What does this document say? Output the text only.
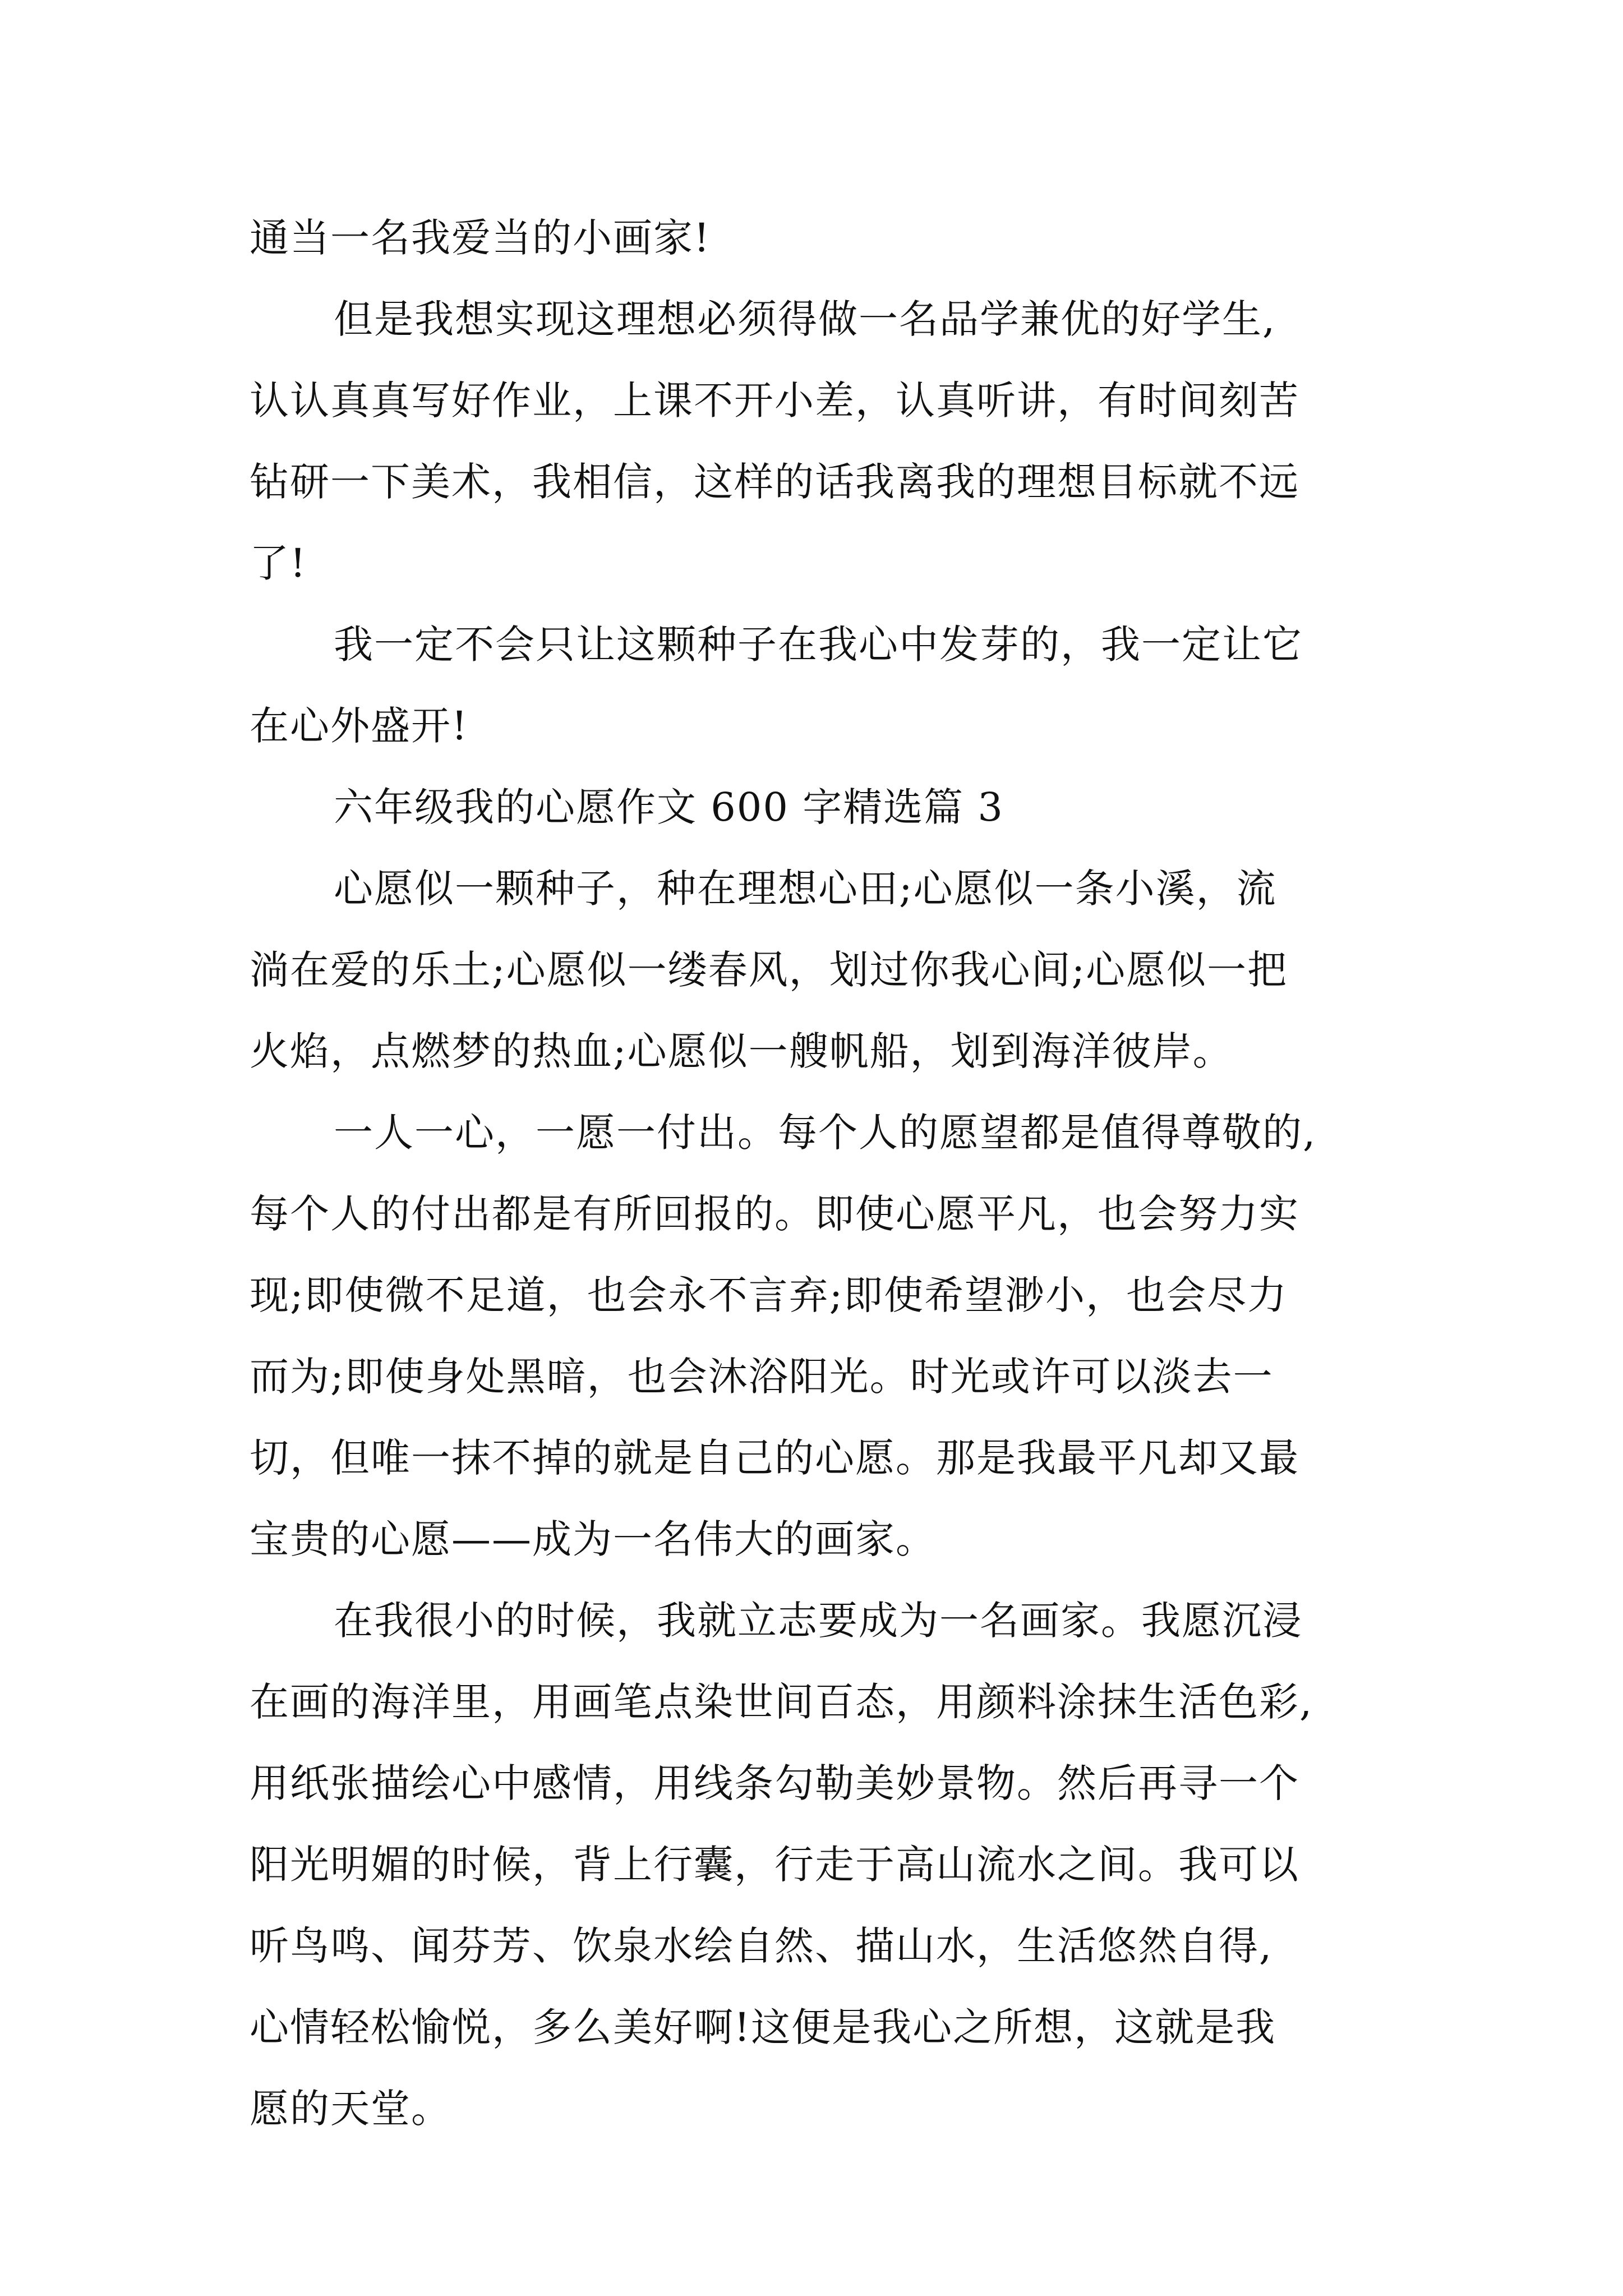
通当一名我爱当的小画家!
但是我想实现这理想必须得做一名品学兼优的好学生,
认认真真写好作业，上课不开小差，认真听讲，有时间刻苦
钻研一下美术，我相信，这样的话我离我的理想目标就不远
了!
我一定不会只让这颗种子在我心中发芽的，我一定让它
在心外盛开!
六年级我的心愿作文 600 字精选篇 3
心愿似一颗种子，种在理想心田;心愿似一条小溪，流
淌在爱的乐土;心愿似一缕春风，划过你我心间;心愿似一把
火焰，点燃梦的热血;心愿似一艘帆船，划到海洋彼岸。
一人一心，一愿一付出。每个人的愿望都是值得尊敬的,
每个人的付出都是有所回报的。即使心愿平凡，也会努力实
现;即使微不足道，也会永不言弃;即使希望渺小，也会尽力
而为;即使身处黑暗，也会沐浴阳光。时光或许可以淡去一
切，但唯一抹不掉的就是自己的心愿。那是我最平凡却又最
宝贵的心愿——成为一名伟大的画家。
在我很小的时候，我就立志要成为一名画家。我愿沉浸
在画的海洋里，用画笔点染世间百态，用颜料涂抹生活色彩,
用纸张描绘心中感情，用线条勾勒美妙景物。然后再寻一个
阳光明媚的时候，背上行囊，行走于高山流水之间。我可以
听鸟鸣、闻芬芳、饮泉水绘自然、描山水，生活悠然自得,
心情轻松愉悦，多么美好啊!这便是我心之所想，这就是我
愿的天堂。
